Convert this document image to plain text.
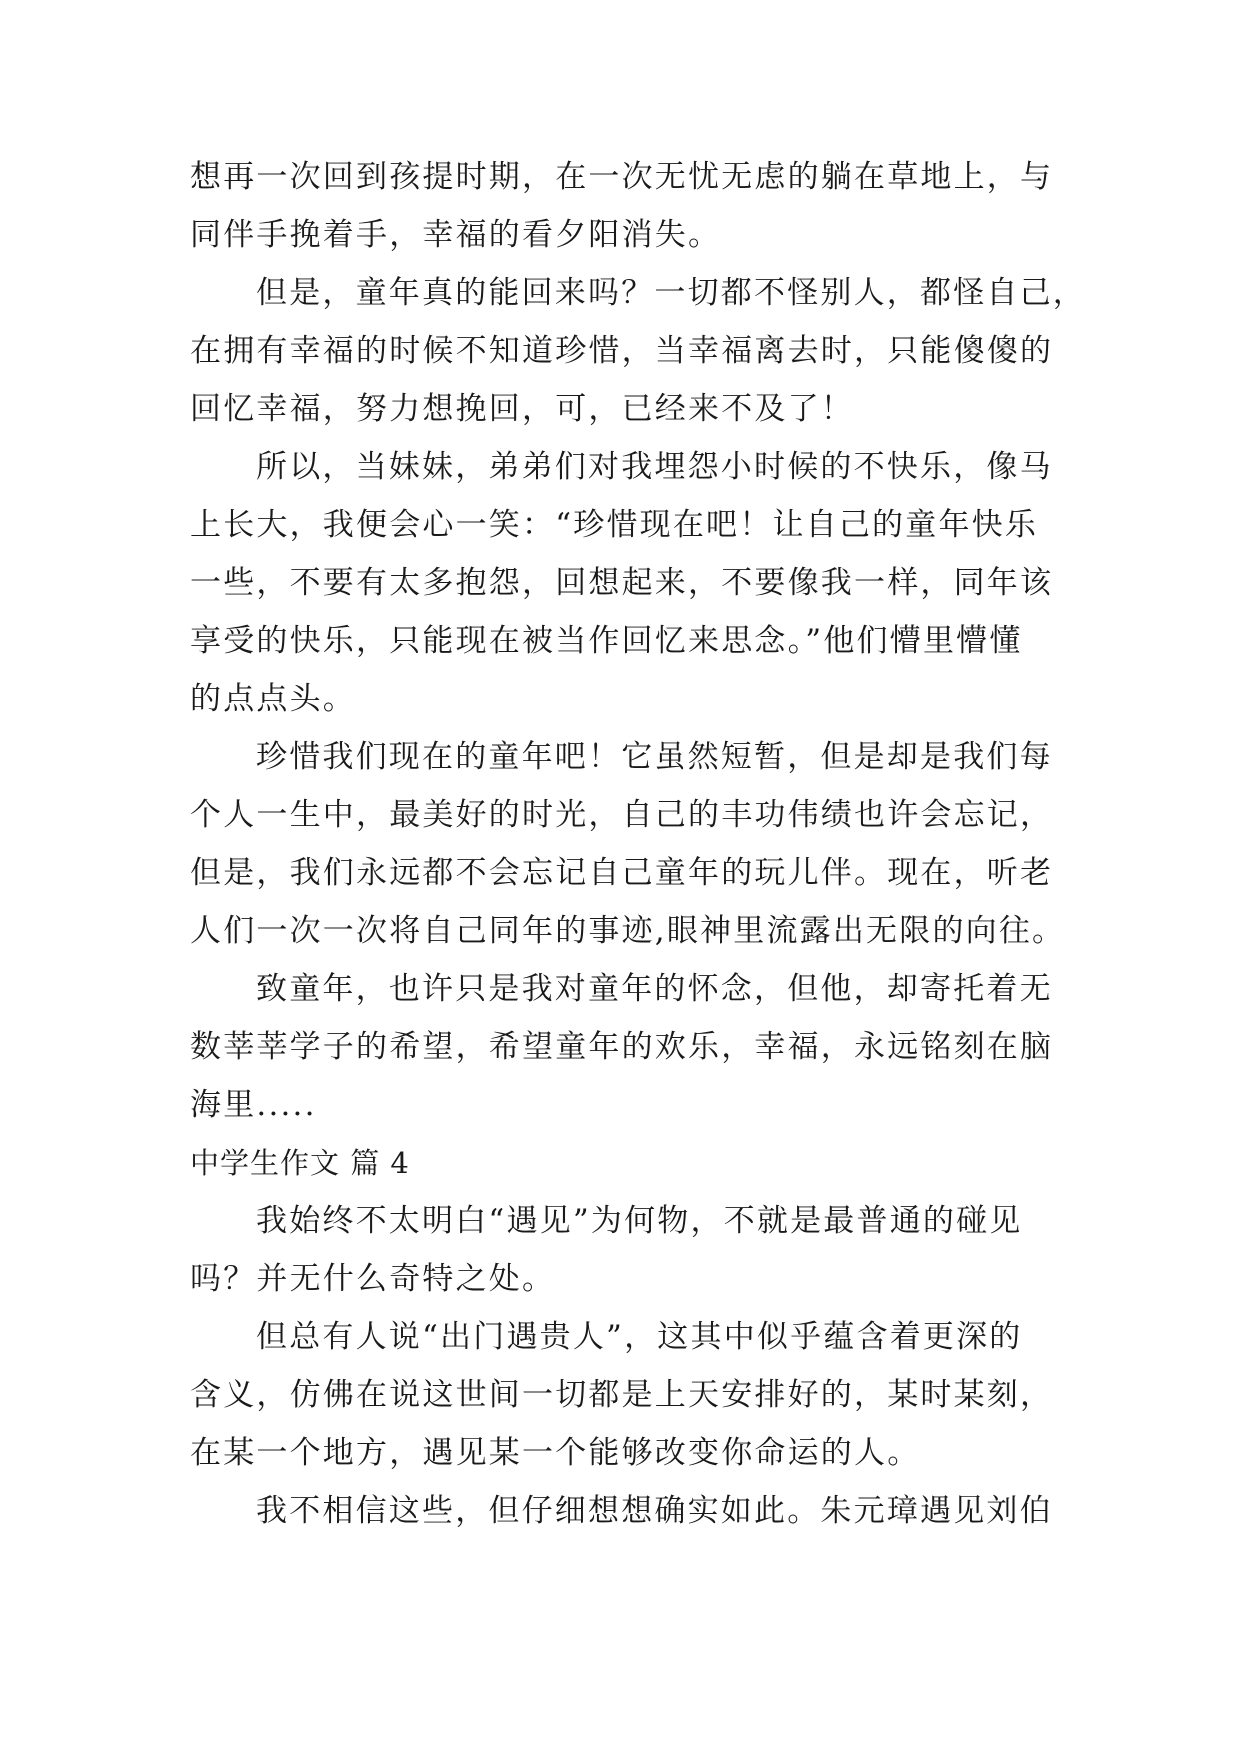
想再一次回到孩提时期，在一次无忧无虑的躺在草地上，与
同伴手挽着手，幸福的看夕阳消失。
但是，童年真的能回来吗？一切都不怪别人，都怪自己，
在拥有幸福的时候不知道珍惜，当幸福离去时，只能傻傻的
回忆幸福，努力想挽回，可，已经来不及了！
所以，当妹妹，弟弟们对我埋怨小时候的不快乐，像马
上长大，我便会心一笑：“珍惜现在吧！让自己的童年快乐
一些，不要有太多抱怨，回想起来，不要像我一样，同年该
享受的快乐，只能现在被当作回忆来思念。”他们懵里懵懂
的点点头。
珍惜我们现在的童年吧！它虽然短暂，但是却是我们每
个人一生中，最美好的时光，自己的丰功伟绩也许会忘记，
但是，我们永远都不会忘记自己童年的玩儿伴。现在，听老
人们一次一次将自己同年的事迹,眼神里流露出无限的向往。
致童年，也许只是我对童年的怀念，但他，却寄托着无
数莘莘学子的希望，希望童年的欢乐，幸福，永远铭刻在脑
海里.....
中学生作文 篇 4
我始终不太明白“遇见”为何物，不就是最普通的碰见
吗？并无什么奇特之处。
但总有人说“出门遇贵人”，这其中似乎蕴含着更深的
含义，仿佛在说这世间一切都是上天安排好的，某时某刻，
在某一个地方，遇见某一个能够改变你命运的人。
我不相信这些，但仔细想想确实如此。朱元璋遇见刘伯
